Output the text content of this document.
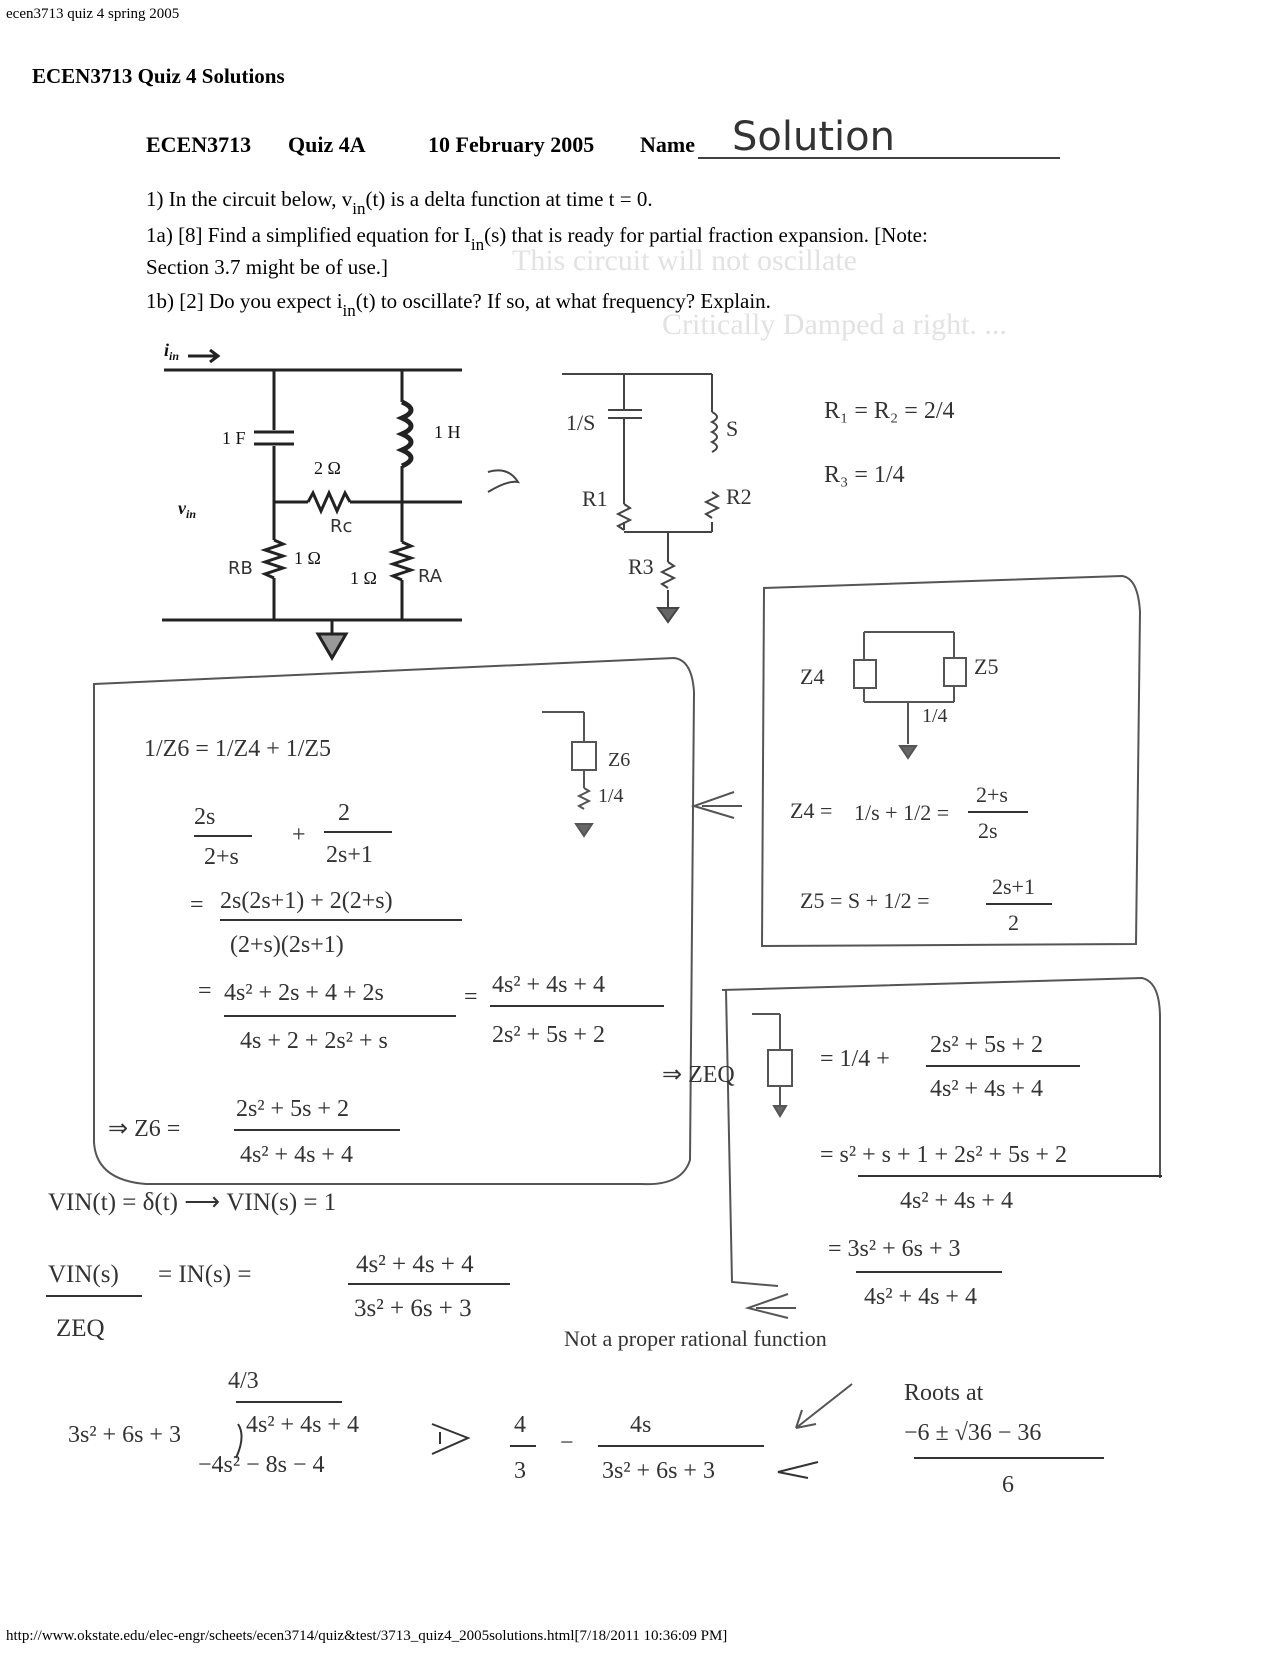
ecen3713 quiz 4 spring 2005
ECEN3713 Quiz 4 Solutions
This circuit will not oscillate
Critically Damped a right. ...
ECEN3713 Quiz 4A	10 February 2005 Name Solution
1) In the circuit below, $v_{in}(t)$ is a delta function at time t = 0.
1a) [8] Find a simplified equation for $I_{in}(s)$ that is ready for partial fraction expansion. [Note:
Section 3.7 might be of use.]
1b) [2] Do you expect $i_{in}(t)$ to oscillate? If so, at what frequency? Explain.
$i_{in}$
$v_{in}$
1 F	1 H
2 Ω
1 Ω
1 Ω
Rc
RB	RA
1/S	S
R1	R2
R3
R₁ = R₂ = 2/4
R₃ = 1/4
Z4	Z5
1/4
Z4 = 1/s + 1/2 =
2+s
2s
Z5 = S + 1/2 =
2s+1
2
1/Z6 = 1/Z4 + 1/Z5	Z6
1/4
2s
2+s
+
2
2s+1
= 2s(2s+1) + 2(2+s)
(2+s)(2s+1)
= 4s² + 2s + 4 + 2s
4s + 2 + 2s² + s
= 4s² + 4s + 4
2s² + 5s + 2
⇒ Z6 =
2s² + 5s + 2
4s² + 4s + 4
⇒ ZEQ
= 1/4 +
2s² + 5s + 2
4s² + 4s + 4
= s² + s + 1 + 2s² + 5s + 2
4s² + 4s + 4
= 3s² + 6s + 3
4s² + 4s + 4
VIN(t) = δ(t) ⟶ VIN(s) = 1
VIN(s)
ZEQ
= IN(s) =	4s² + 4s + 4
3s² + 6s + 3
Not a proper rational function
4/3
3s² + 6s + 3	4s² + 4s + 4
−4s² − 8s − 4
4
3
−
4s
3s² + 6s + 3
Roots at
−6 ± √36 − 36
6
http://www.okstate.edu/elec-engr/scheets/ecen3714/quiz&test/3713_quiz4_2005solutions.html[7/18/2011 10:36:09 PM]
